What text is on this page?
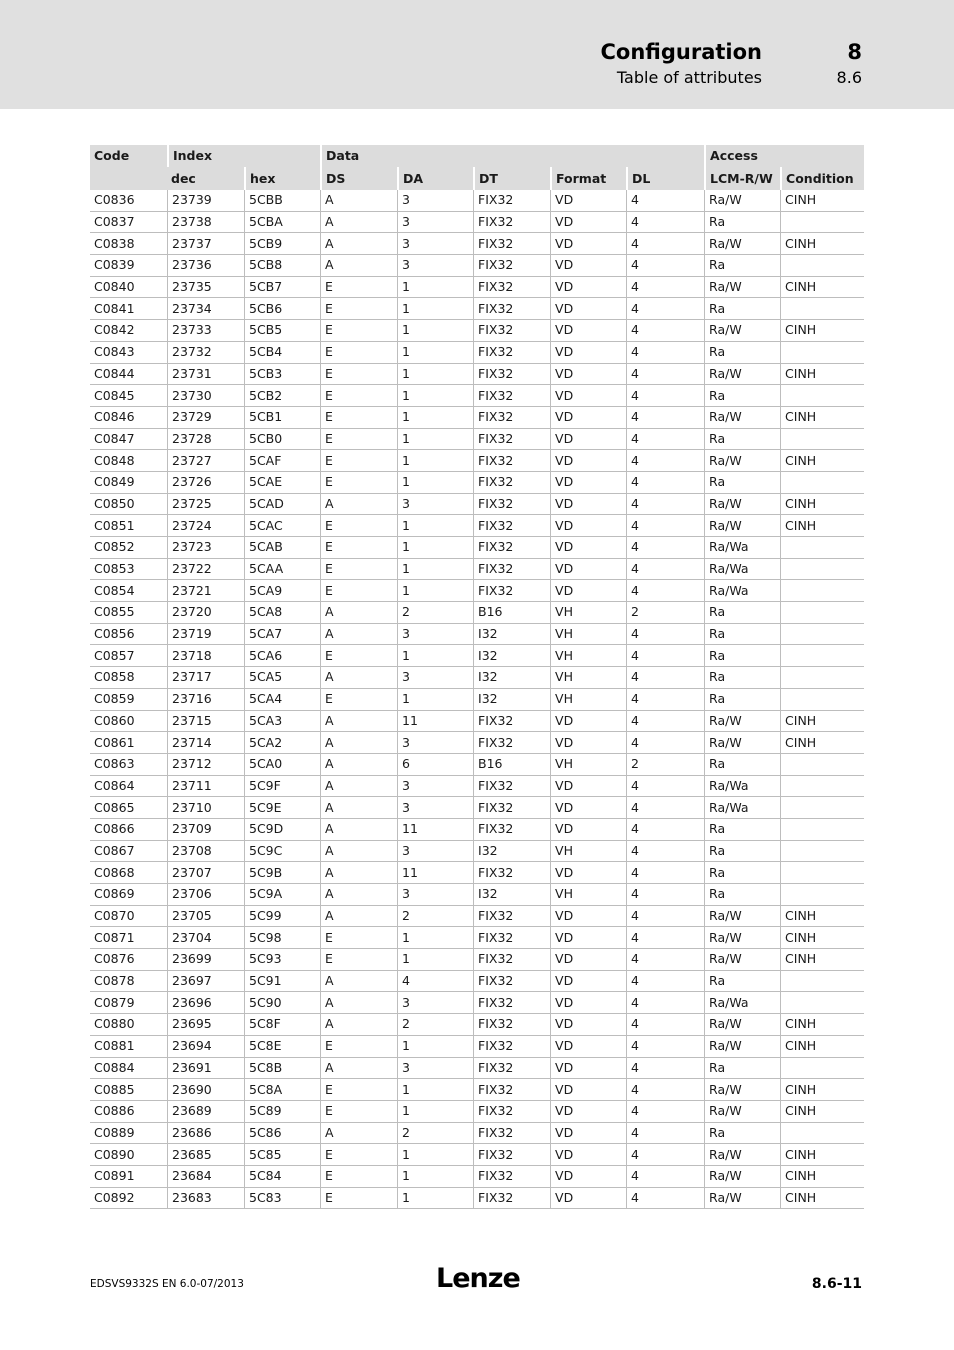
Configuration	8
Table of attributes	8.6
Code	Index		Data					Access	
	dec	hex	DS	DA	DT	Format	DL	LCM-R/W	Condition
C0836	23739	5CBB	A	3	FIX32	VD	4	Ra/W	CINH
C0837	23738	5CBA	A	3	FIX32	VD	4	Ra	
C0838	23737	5CB9	A	3	FIX32	VD	4	Ra/W	CINH
C0839	23736	5CB8	A	3	FIX32	VD	4	Ra	
C0840	23735	5CB7	E	1	FIX32	VD	4	Ra/W	CINH
C0841	23734	5CB6	E	1	FIX32	VD	4	Ra	
C0842	23733	5CB5	E	1	FIX32	VD	4	Ra/W	CINH
C0843	23732	5CB4	E	1	FIX32	VD	4	Ra	
C0844	23731	5CB3	E	1	FIX32	VD	4	Ra/W	CINH
C0845	23730	5CB2	E	1	FIX32	VD	4	Ra	
C0846	23729	5CB1	E	1	FIX32	VD	4	Ra/W	CINH
C0847	23728	5CB0	E	1	FIX32	VD	4	Ra	
C0848	23727	5CAF	E	1	FIX32	VD	4	Ra/W	CINH
C0849	23726	5CAE	E	1	FIX32	VD	4	Ra	
C0850	23725	5CAD	A	3	FIX32	VD	4	Ra/W	CINH
C0851	23724	5CAC	E	1	FIX32	VD	4	Ra/W	CINH
C0852	23723	5CAB	E	1	FIX32	VD	4	Ra/Wa	
C0853	23722	5CAA	E	1	FIX32	VD	4	Ra/Wa	
C0854	23721	5CA9	E	1	FIX32	VD	4	Ra/Wa	
C0855	23720	5CA8	A	2	B16	VH	2	Ra	
C0856	23719	5CA7	A	3	I32	VH	4	Ra	
C0857	23718	5CA6	E	1	I32	VH	4	Ra	
C0858	23717	5CA5	A	3	I32	VH	4	Ra	
C0859	23716	5CA4	E	1	I32	VH	4	Ra	
C0860	23715	5CA3	A	11	FIX32	VD	4	Ra/W	CINH
C0861	23714	5CA2	A	3	FIX32	VD	4	Ra/W	CINH
C0863	23712	5CA0	A	6	B16	VH	2	Ra	
C0864	23711	5C9F	A	3	FIX32	VD	4	Ra/Wa	
C0865	23710	5C9E	A	3	FIX32	VD	4	Ra/Wa	
C0866	23709	5C9D	A	11	FIX32	VD	4	Ra	
C0867	23708	5C9C	A	3	I32	VH	4	Ra	
C0868	23707	5C9B	A	11	FIX32	VD	4	Ra	
C0869	23706	5C9A	A	3	I32	VH	4	Ra	
C0870	23705	5C99	A	2	FIX32	VD	4	Ra/W	CINH
C0871	23704	5C98	E	1	FIX32	VD	4	Ra/W	CINH
C0876	23699	5C93	E	1	FIX32	VD	4	Ra/W	CINH
C0878	23697	5C91	A	4	FIX32	VD	4	Ra	
C0879	23696	5C90	A	3	FIX32	VD	4	Ra/Wa	
C0880	23695	5C8F	A	2	FIX32	VD	4	Ra/W	CINH
C0881	23694	5C8E	E	1	FIX32	VD	4	Ra/W	CINH
C0884	23691	5C8B	A	3	FIX32	VD	4	Ra	
C0885	23690	5C8A	E	1	FIX32	VD	4	Ra/W	CINH
C0886	23689	5C89	E	1	FIX32	VD	4	Ra/W	CINH
C0889	23686	5C86	A	2	FIX32	VD	4	Ra	
C0890	23685	5C85	E	1	FIX32	VD	4	Ra/W	CINH
C0891	23684	5C84	E	1	FIX32	VD	4	Ra/W	CINH
C0892	23683	5C83	E	1	FIX32	VD	4	Ra/W	CINH
EDSVS9332S EN 6.0-07/2013	Lenze	8.6-11
